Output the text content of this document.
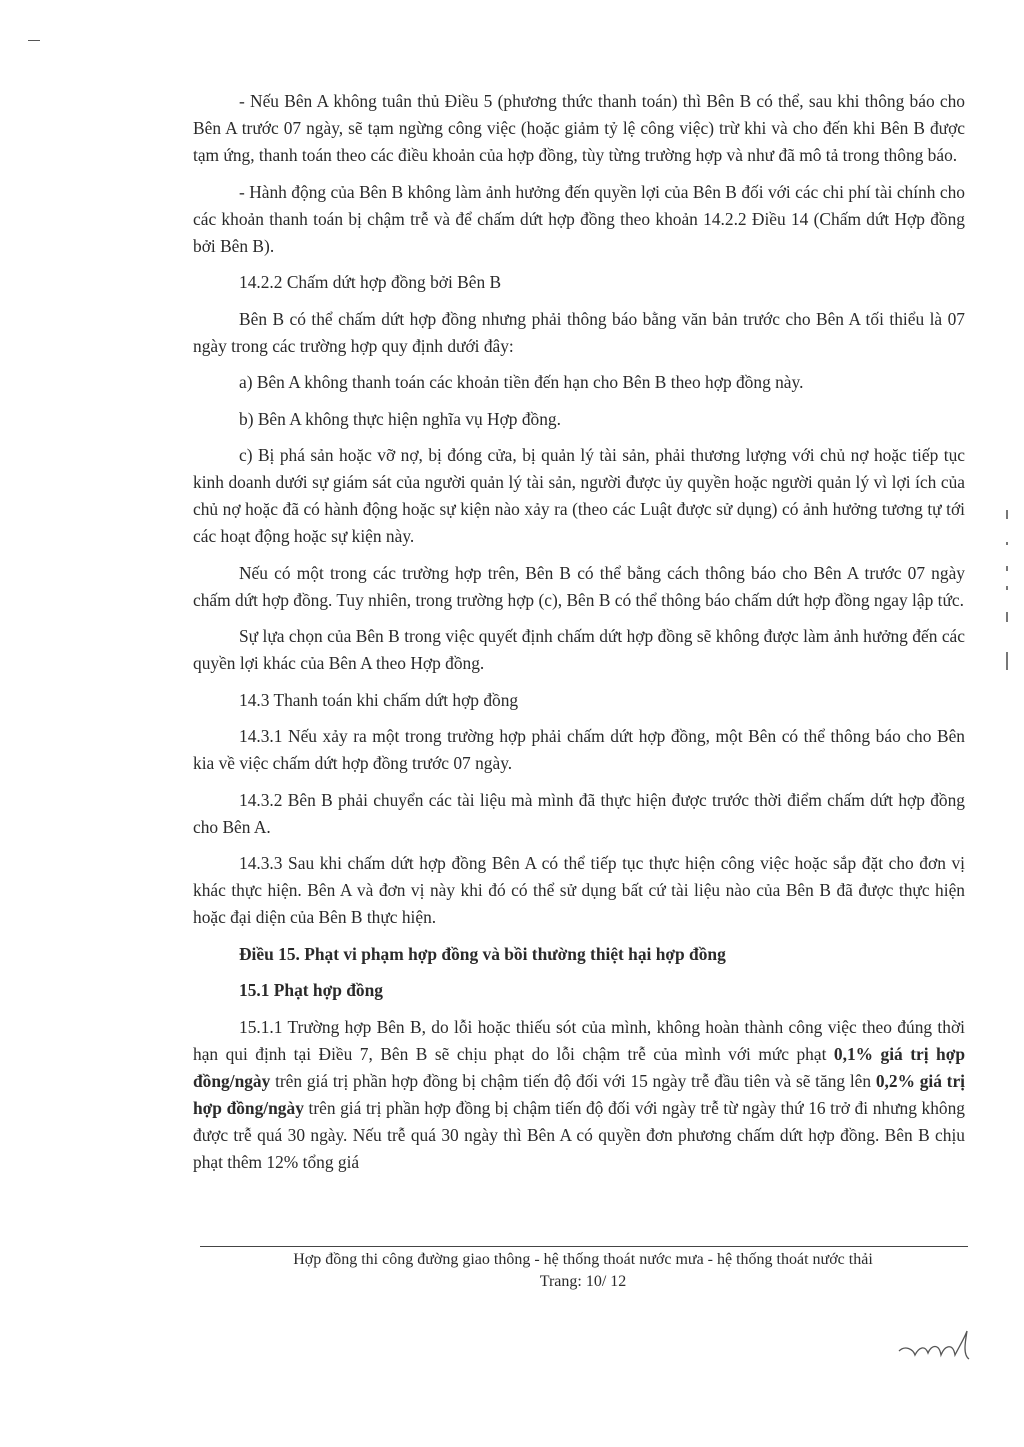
- Nếu Bên A không tuân thủ Điều 5 (phương thức thanh toán) thì Bên B có thể, sau khi thông báo cho Bên A trước 07 ngày, sẽ tạm ngừng công việc (hoặc giảm tỷ lệ công việc) trừ khi và cho đến khi Bên B được tạm ứng, thanh toán theo các điều khoản của hợp đồng, tùy từng trường hợp và như đã mô tả trong thông báo.

- Hành động của Bên B không làm ảnh hưởng đến quyền lợi của Bên B đối với các chi phí tài chính cho các khoản thanh toán bị chậm trễ và để chấm dứt hợp đồng theo khoản 14.2.2 Điều 14 (Chấm dứt Hợp đồng bởi Bên B).

14.2.2 Chấm dứt hợp đồng bởi Bên B

Bên B có thể chấm dứt hợp đồng nhưng phải thông báo bằng văn bản trước cho Bên A tối thiểu là 07 ngày trong các trường hợp quy định dưới đây:

a) Bên A không thanh toán các khoản tiền đến hạn cho Bên B theo hợp đồng này.

b) Bên A không thực hiện nghĩa vụ Hợp đồng.

c) Bị phá sản hoặc vỡ nợ, bị đóng cửa, bị quản lý tài sản, phải thương lượng với chủ nợ hoặc tiếp tục kinh doanh dưới sự giám sát của người quản lý tài sản, người được ủy quyền hoặc người quản lý vì lợi ích của chủ nợ hoặc đã có hành động hoặc sự kiện nào xảy ra (theo các Luật được sử dụng) có ảnh hưởng tương tự tới các hoạt động hoặc sự kiện này.

Nếu có một trong các trường hợp trên, Bên B có thể bằng cách thông báo cho Bên A trước 07 ngày chấm dứt hợp đồng. Tuy nhiên, trong trường hợp (c), Bên B có thể thông báo chấm dứt hợp đồng ngay lập tức.

Sự lựa chọn của Bên B trong việc quyết định chấm dứt hợp đồng sẽ không được làm ảnh hưởng đến các quyền lợi khác của Bên A theo Hợp đồng.

14.3 Thanh toán khi chấm dứt hợp đồng

14.3.1 Nếu xảy ra một trong trường hợp phải chấm dứt hợp đồng, một Bên có thể thông báo cho Bên kia về việc chấm dứt hợp đồng trước 07 ngày.

14.3.2 Bên B phải chuyển các tài liệu mà mình đã thực hiện được trước thời điểm chấm dứt hợp đồng cho Bên A.

14.3.3 Sau khi chấm dứt hợp đồng Bên A có thể tiếp tục thực hiện công việc hoặc sắp đặt cho đơn vị khác thực hiện. Bên A và đơn vị này khi đó có thể sử dụng bất cứ tài liệu nào của Bên B đã được thực hiện hoặc đại diện của Bên B thực hiện.

Điều 15. Phạt vi phạm hợp đồng và bồi thường thiệt hại hợp đồng

15.1 Phạt hợp đồng

15.1.1 Trường hợp Bên B, do lỗi hoặc thiếu sót của mình, không hoàn thành công việc theo đúng thời hạn qui định tại Điều 7, Bên B sẽ chịu phạt do lỗi chậm trễ của mình với mức phạt 0,1% giá trị hợp đồng/ngày trên giá trị phần hợp đồng bị chậm tiến độ đối với 15 ngày trễ đầu tiên và sẽ tăng lên 0,2% giá trị hợp đồng/ngày trên giá trị phần hợp đồng bị chậm tiến độ đối với ngày trễ từ ngày thứ 16 trở đi nhưng không được trễ quá 30 ngày. Nếu trễ quá 30 ngày thì Bên A có quyền đơn phương chấm dứt hợp đồng. Bên B chịu phạt thêm 12% tổng giá

Hợp đồng thi công đường giao thông - hệ thống thoát nước mưa - hệ thống thoát nước thải
Trang: 10/ 12
